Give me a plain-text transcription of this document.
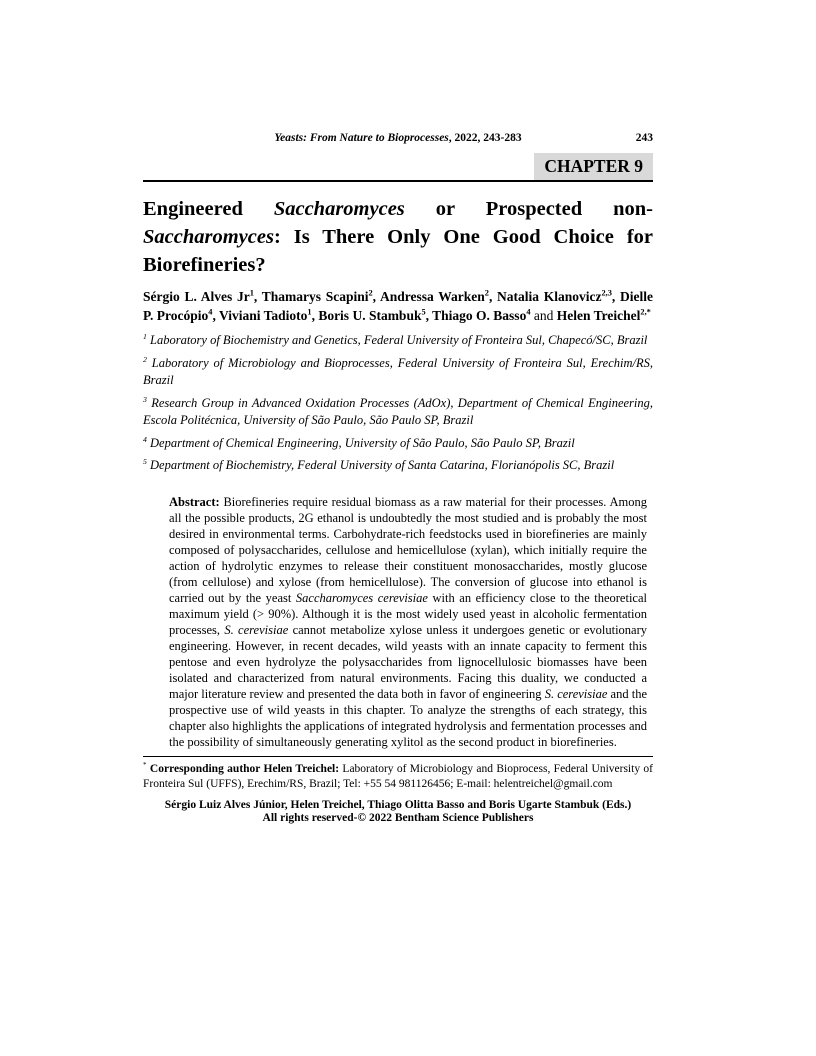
Yeasts: From Nature to Bioprocesses, 2022, 243-283	243
CHAPTER 9
Engineered Saccharomyces or Prospected non-Saccharomyces: Is There Only One Good Choice for Biorefineries?
Sérgio L. Alves Jr$^1$, Thamarys Scapini$^2$, Andressa Warken$^2$, Natalia Klanovicz$^{2,3}$, Dielle P. Procópio$^4$, Viviani Tadioto$^1$, Boris U. Stambuk$^5$, Thiago O. Basso$^4$ and Helen Treichel$^{2,*}$

$^1$ Laboratory of Biochemistry and Genetics, Federal University of Fronteira Sul, Chapecó/SC, Brazil

$^2$ Laboratory of Microbiology and Bioprocesses, Federal University of Fronteira Sul, Erechim/RS, Brazil

$^3$ Research Group in Advanced Oxidation Processes (AdOx), Department of Chemical Engineering, Escola Politécnica, University of São Paulo, São Paulo SP, Brazil

$^4$ Department of Chemical Engineering, University of São Paulo, São Paulo SP, Brazil

$^5$ Department of Biochemistry, Federal University of Santa Catarina, Florianópolis SC, Brazil

Abstract: Biorefineries require residual biomass as a raw material for their processes. Among all the possible products, 2G ethanol is undoubtedly the most studied and is probably the most desired in environmental terms. Carbohydrate-rich feedstocks used in biorefineries are mainly composed of polysaccharides, cellulose and hemicellulose (xylan), which initially require the action of hydrolytic enzymes to release their constituent monosaccharides, mostly glucose (from cellulose) and xylose (from hemicellulose). The conversion of glucose into ethanol is carried out by the yeast Saccharomyces cerevisiae with an efficiency close to the theoretical maximum yield (> 90%). Although it is the most widely used yeast in alcoholic fermentation processes, S. cerevisiae cannot metabolize xylose unless it undergoes genetic or evolutionary engineering. However, in recent decades, wild yeasts with an innate capacity to ferment this pentose and even hydrolyze the polysaccharides from lignocellulosic biomasses have been isolated and characterized from natural environments. Facing this duality, we conducted a major literature review and presented the data both in favor of engineering S. cerevisiae and the prospective use of wild yeasts in this chapter. To analyze the strengths of each strategy, this chapter also highlights the applications of integrated hydrolysis and fermentation processes and the possibility of simultaneously generating xylitol as the second product in biorefineries.
* Corresponding author Helen Treichel: Laboratory of Microbiology and Bioprocess, Federal University of Fronteira Sul (UFFS), Erechim/RS, Brazil; Tel: +55 54 981126456; E-mail: helentreichel@gmail.com
Sérgio Luiz Alves Júnior, Helen Treichel, Thiago Olitta Basso and Boris Ugarte Stambuk (Eds.)
All rights reserved-© 2022 Bentham Science Publishers
